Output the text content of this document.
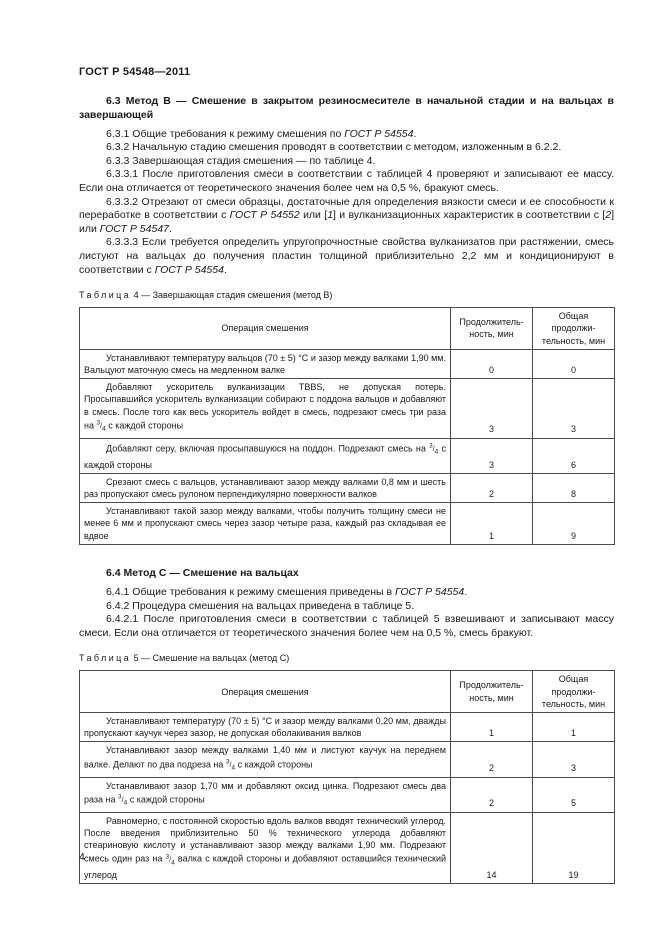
ГОСТ Р 54548—2011

6.3 Метод B — Смешение в закрытом резиносмесителе в начальной стадии и на вальцах в завершающей

6.3.1 Общие требования к режиму смешения по ГОСТ Р 54554.

6.3.2 Начальную стадию смешения проводят в соответствии с методом, изложенным в 6.2.2.

6.3.3 Завершающая стадия смешения — по таблице 4.

6.3.3.1 После приготовления смеси в соответствии с таблицей 4 проверяют и записывают ее массу. Если она отличается от теоретического значения более чем на 0,5 %, бракуют смесь.

6.3.3.2 Отрезают от смеси образцы, достаточные для определения вязкости смеси и ее способности к переработке в соответствии с ГОСТ Р 54552 или [1] и вулканизационных характеристик в соответствии с [2] или ГОСТ Р 54547.

6.3.3.3 Если требуется определить упругопрочностные свойства вулканизатов при растяжении, смесь листуют на вальцах до получения пластин толщиной приблизительно 2,2 мм и кондиционируют в соответствии с ГОСТ Р 54554.

Таблица 4 — Завершающая стадия смешения (метод B)

Операция смешения	Продолжитель-ность, мин	Общая продолжи-тельность, мин
Устанавливают температуру вальцов (70 ± 5) °С и зазор между валками 1,90 мм. Вальцуют маточную смесь на медленном валке	0	0
Добавляют ускоритель вулканизации TBBS, не допуская потерь. Просыпавшийся ускоритель вулканизации собирают с поддона вальцов и добавляют в смесь. После того как весь ускоритель войдет в смесь, подрезают смесь три раза на $^3/_4$ с каждой стороны	3	3
Добавляют серу, включая просыпавшуюся на поддон. Подрезают смесь на $^3/_4$ с каждой стороны	3	6
Срезают смесь с вальцов, устанавливают зазор между валками 0,8 мм и шесть раз пропускают смесь рулоном перпендикулярно поверхности валков	2	8
Устанавливают такой зазор между валками, чтобы получить толщину смеси не менее 6 мм и пропускают смесь через зазор четыре раза, каждый раз складывая ее вдвое	1	9

6.4 Метод C — Смешение на вальцах

6.4.1 Общие требования к режиму смешения приведены в ГОСТ Р 54554.

6.4.2 Процедура смешения на вальцах приведена в таблице 5.

6.4.2.1 После приготовления смеси в соответствии с таблицей 5 взвешивают и записывают массу смеси. Если она отличается от теоретического значения более чем на 0,5 %, смесь бракуют.

Таблица 5 — Смешение на вальцах (метод C)

Операция смешения	Продолжитель-ность, мин	Общая продолжи-тельность, мин
Устанавливают температуру (70 ± 5) °С и зазор между валками 0,20 мм, дважды пропускают каучук через зазор, не допуская оболакивания валков	1	1
Устанавливают зазор между валками 1,40 мм и листуют каучук на переднем валке. Делают по два подреза на $^3/_4$ с каждой стороны	2	3
Устанавливают зазор 1,70 мм и добавляют оксид цинка. Подрезают смесь два раза на $^3/_4$ с каждой стороны	2	5
Равномерно, с постоянной скоростью вдоль валков вводят технический углерод. После введения приблизительно 50 % технического углерода добавляют стеариновую кислоту и устанавливают зазор между валками 1,90 мм. Подрезают смесь один раз на $^3/_4$ валка с каждой стороны и добавляют оставшийся технический углерод	14	19
4
